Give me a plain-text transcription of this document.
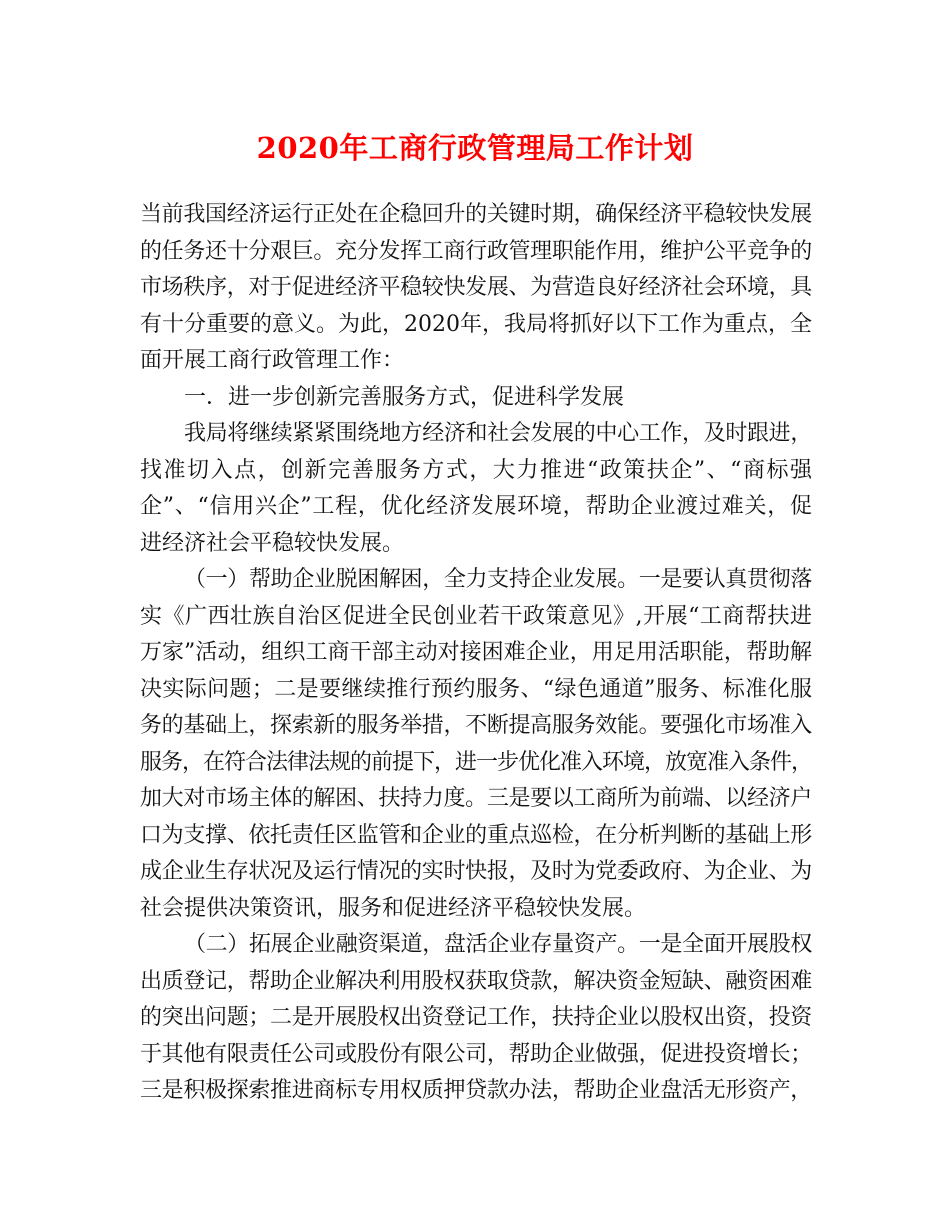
2020年工商行政管理局工作计划
当前我国经济运行正处在企稳回升的关键时期，确保经济平稳较快发展
的任务还十分艰巨。充分发挥工商行政管理职能作用，维护公平竞争的
市场秩序，对于促进经济平稳较快发展、为营造良好经济社会环境，具
有十分重要的意义。为此，2020年，我局将抓好以下工作为重点，全
面开展工商行政管理工作：
一．进一步创新完善服务方式，促进科学发展
我局将继续紧紧围绕地方经济和社会发展的中心工作，及时跟进，
找准切入点，创新完善服务方式，大力推进“政策扶企”、“商标强
企”、“信用兴企”工程，优化经济发展环境，帮助企业渡过难关，促
进经济社会平稳较快发展。
（一）帮助企业脱困解困，全力支持企业发展。一是要认真贯彻落
实《广西壮族自治区促进全民创业若干政策意见》,开展“工商帮扶进
万家”活动，组织工商干部主动对接困难企业，用足用活职能，帮助解
决实际问题；二是要继续推行预约服务、“绿色通道”服务、标准化服
务的基础上，探索新的服务举措，不断提高服务效能。要强化市场准入
服务，在符合法律法规的前提下，进一步优化准入环境，放宽准入条件，
加大对市场主体的解困、扶持力度。三是要以工商所为前端、以经济户
口为支撑、依托责任区监管和企业的重点巡检，在分析判断的基础上形
成企业生存状况及运行情况的实时快报，及时为党委政府、为企业、为
社会提供决策资讯，服务和促进经济平稳较快发展。
（二）拓展企业融资渠道，盘活企业存量资产。一是全面开展股权
出质登记，帮助企业解决利用股权获取贷款，解决资金短缺、融资困难
的突出问题；二是开展股权出资登记工作，扶持企业以股权出资，投资
于其他有限责任公司或股份有限公司，帮助企业做强，促进投资增长；
三是积极探索推进商标专用权质押贷款办法，帮助企业盘活无形资产，
